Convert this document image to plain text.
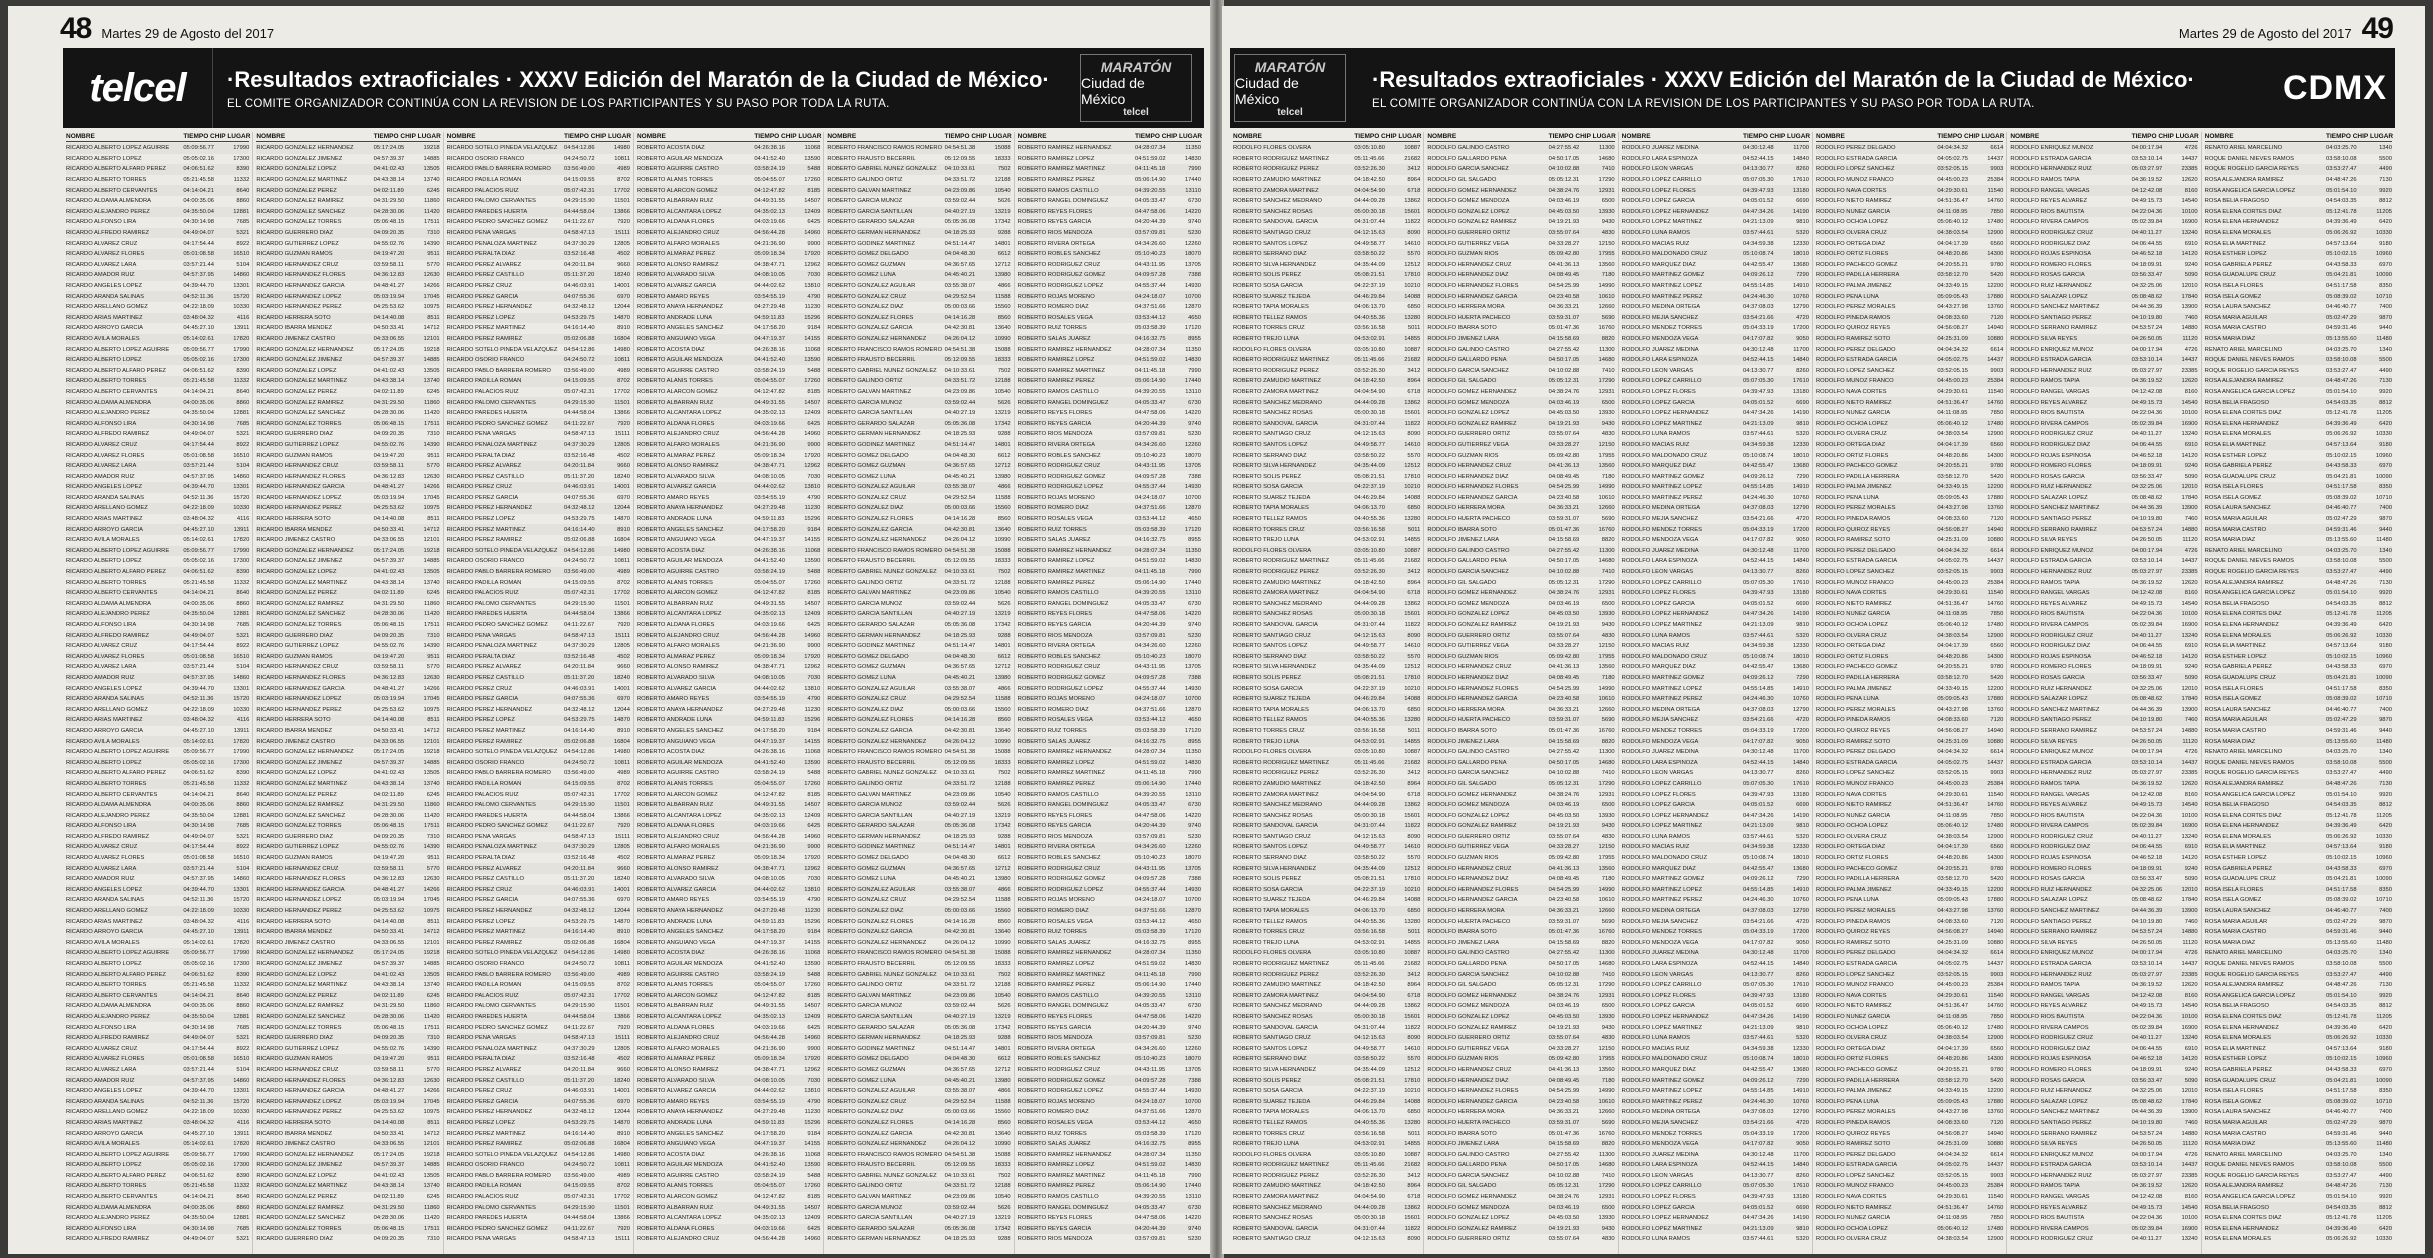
48 Martes 29 de Agosto del 2017
telcel ·Resultados extraoficiales · XXXV Edición del Maratón de la Ciudad de México·
EL COMITE ORGANIZADOR CONTINÚA CON LA REVISION DE LOS PARTICIPANTES Y SU PASO POR TODA LA RUTA.
MARATÓN
Ciudad de México
telcel
NOMBRE	TIEMPO CHIP LUGAR
RICARDO ALBERTO LOPEZ AGUIRRE	05:09:56.77	17990
RICARDO ALBERTO LOPEZ	05:05:02.16	17300
RICARDO ALBERTO ALFARO PEREZ	04:06:51.62	8390
RICARDO ALBERTO TORRES	05:21:45.58	11332
RICARDO ALBERTO CERVANTES	04:14:04.21	8640
RICARDO ALDAMA ALMENDRA	04:00:35.06	8860
RICARDO ALEJANDRO PEREZ	04:35:50.04	12881
RICARDO ALFONSO LIRA	04:30:14.98	7685
RICARDO ALFREDO RAMIREZ	04:49:04.07	5321
RICARDO ALVAREZ CRUZ	04:17:54.44	8922
RICARDO ALVAREZ FLORES	05:01:08.58	16510
RICARDO ALVAREZ LARA	03:57:21.44	5104
RICARDO AMADOR RUIZ	04:57:37.95	14860
RICARDO ANGELES LOPEZ	04:39:44.70	13301
RICARDO ARANDA SALINAS	04:52:11.36	15720
RICARDO ARELLANO GOMEZ	04:22:18.09	10330
RICARDO ARIAS MARTINEZ	03:48:04.32	4116
RICARDO ARROYO GARCIA	04:45:27.10	13911
RICARDO AVILA MORALES	05:14:02.61	17820
RICARDO ALBERTO LOPEZ AGUIRRE	05:09:56.77	17990
RICARDO ALBERTO LOPEZ	05:05:02.16	17300
RICARDO ALBERTO ALFARO PEREZ	04:06:51.62	8390
RICARDO ALBERTO TORRES	05:21:45.58	11332
RICARDO ALBERTO CERVANTES	04:14:04.21	8640
RICARDO ALDAMA ALMENDRA	04:00:35.06	8860
RICARDO ALEJANDRO PEREZ	04:35:50.04	12881
RICARDO ALFONSO LIRA	04:30:14.98	7685
RICARDO ALFREDO RAMIREZ	04:49:04.07	5321
RICARDO ALVAREZ CRUZ	04:17:54.44	8922
RICARDO ALVAREZ FLORES	05:01:08.58	16510
RICARDO ALVAREZ LARA	03:57:21.44	5104
RICARDO AMADOR RUIZ	04:57:37.95	14860
RICARDO ANGELES LOPEZ	04:39:44.70	13301
RICARDO ARANDA SALINAS	04:52:11.36	15720
RICARDO ARELLANO GOMEZ	04:22:18.09	10330
RICARDO ARIAS MARTINEZ	03:48:04.32	4116
RICARDO ARROYO GARCIA	04:45:27.10	13911
RICARDO AVILA MORALES	05:14:02.61	17820
RICARDO ALBERTO LOPEZ AGUIRRE	05:09:56.77	17990
RICARDO ALBERTO LOPEZ	05:05:02.16	17300
RICARDO ALBERTO ALFARO PEREZ	04:06:51.62	8390
RICARDO ALBERTO TORRES	05:21:45.58	11332
RICARDO ALBERTO CERVANTES	04:14:04.21	8640
RICARDO ALDAMA ALMENDRA	04:00:35.06	8860
RICARDO ALEJANDRO PEREZ	04:35:50.04	12881
RICARDO ALFONSO LIRA	04:30:14.98	7685
RICARDO ALFREDO RAMIREZ	04:49:04.07	5321
RICARDO ALVAREZ CRUZ	04:17:54.44	8922
RICARDO ALVAREZ FLORES	05:01:08.58	16510
RICARDO ALVAREZ LARA	03:57:21.44	5104
RICARDO AMADOR RUIZ	04:57:37.95	14860
RICARDO ANGELES LOPEZ	04:39:44.70	13301
RICARDO ARANDA SALINAS	04:52:11.36	15720
RICARDO ARELLANO GOMEZ	04:22:18.09	10330
RICARDO ARIAS MARTINEZ	03:48:04.32	4116
RICARDO ARROYO GARCIA	04:45:27.10	13911
RICARDO AVILA MORALES	05:14:02.61	17820
RICARDO ALBERTO LOPEZ AGUIRRE	05:09:56.77	17990
RICARDO ALBERTO LOPEZ	05:05:02.16	17300
RICARDO ALBERTO ALFARO PEREZ	04:06:51.62	8390
RICARDO ALBERTO TORRES	05:21:45.58	11332
RICARDO ALBERTO CERVANTES	04:14:04.21	8640
RICARDO ALDAMA ALMENDRA	04:00:35.06	8860
RICARDO ALEJANDRO PEREZ	04:35:50.04	12881
RICARDO ALFONSO LIRA	04:30:14.98	7685
RICARDO ALFREDO RAMIREZ	04:49:04.07	5321
RICARDO ALVAREZ CRUZ	04:17:54.44	8922
RICARDO ALVAREZ FLORES	05:01:08.58	16510
RICARDO ALVAREZ LARA	03:57:21.44	5104
RICARDO AMADOR RUIZ	04:57:37.95	14860
RICARDO ANGELES LOPEZ	04:39:44.70	13301
RICARDO ARANDA SALINAS	04:52:11.36	15720
RICARDO ARELLANO GOMEZ	04:22:18.09	10330
RICARDO ARIAS MARTINEZ	03:48:04.32	4116
RICARDO ARROYO GARCIA	04:45:27.10	13911
RICARDO AVILA MORALES	05:14:02.61	17820
RICARDO ALBERTO LOPEZ AGUIRRE	05:09:56.77	17990
RICARDO ALBERTO LOPEZ	05:05:02.16	17300
RICARDO ALBERTO ALFARO PEREZ	04:06:51.62	8390
RICARDO ALBERTO TORRES	05:21:45.58	11332
RICARDO ALBERTO CERVANTES	04:14:04.21	8640
RICARDO ALDAMA ALMENDRA	04:00:35.06	8860
RICARDO ALEJANDRO PEREZ	04:35:50.04	12881
RICARDO ALFONSO LIRA	04:30:14.98	7685
RICARDO ALFREDO RAMIREZ	04:49:04.07	5321
RICARDO ALVAREZ CRUZ	04:17:54.44	8922
RICARDO ALVAREZ FLORES	05:01:08.58	16510
RICARDO ALVAREZ LARA	03:57:21.44	5104
RICARDO AMADOR RUIZ	04:57:37.95	14860
RICARDO ANGELES LOPEZ	04:39:44.70	13301
RICARDO ARANDA SALINAS	04:52:11.36	15720
RICARDO ARELLANO GOMEZ	04:22:18.09	10330
RICARDO ARIAS MARTINEZ	03:48:04.32	4116
RICARDO ARROYO GARCIA	04:45:27.10	13911
RICARDO AVILA MORALES	05:14:02.61	17820
RICARDO ALBERTO LOPEZ AGUIRRE	05:09:56.77	17990
RICARDO ALBERTO LOPEZ	05:05:02.16	17300
RICARDO ALBERTO ALFARO PEREZ	04:06:51.62	8390
RICARDO ALBERTO TORRES	05:21:45.58	11332
RICARDO ALBERTO CERVANTES	04:14:04.21	8640
RICARDO ALDAMA ALMENDRA	04:00:35.06	8860
RICARDO ALEJANDRO PEREZ	04:35:50.04	12881
RICARDO ALFONSO LIRA	04:30:14.98	7685
RICARDO ALFREDO RAMIREZ	04:49:04.07	5321
NOMBRE	TIEMPO CHIP LUGAR
RICARDO GONZALEZ HERNANDEZ	05:17:24.05	19218
RICARDO GONZALEZ JIMENEZ	04:57:39.37	14885
RICARDO GONZALEZ LOPEZ	04:41:02.43	13505
RICARDO GONZALEZ MARTINEZ	04:43:38.14	13740
RICARDO GONZALEZ PEREZ	04:02:11.89	6245
RICARDO GONZALEZ RAMIREZ	04:31:29.50	11860
RICARDO GONZALEZ SANCHEZ	04:28:30.06	11420
RICARDO GONZALEZ TORRES	05:06:48.15	17511
RICARDO GUERRERO DIAZ	04:09:20.35	7310
RICARDO GUTIERREZ LOPEZ	04:55:02.76	14390
RICARDO GUZMAN RAMOS	04:19:47.20	9511
RICARDO HERNANDEZ CRUZ	03:59:58.11	5770
RICARDO HERNANDEZ FLORES	04:36:12.83	12630
RICARDO HERNANDEZ GARCIA	04:48:41.27	14266
RICARDO HERNANDEZ LOPEZ	05:03:19.94	17045
RICARDO HERNANDEZ PEREZ	04:25:53.62	10975
RICARDO HERRERA SOTO	04:14:40.08	8511
RICARDO IBARRA MENDEZ	04:50:33.41	14712
RICARDO JIMENEZ CASTRO	04:33:06.55	12101
RICARDO GONZALEZ HERNANDEZ	05:17:24.05	19218
RICARDO GONZALEZ JIMENEZ	04:57:39.37	14885
RICARDO GONZALEZ LOPEZ	04:41:02.43	13505
RICARDO GONZALEZ MARTINEZ	04:43:38.14	13740
RICARDO GONZALEZ PEREZ	04:02:11.89	6245
RICARDO GONZALEZ RAMIREZ	04:31:29.50	11860
RICARDO GONZALEZ SANCHEZ	04:28:30.06	11420
RICARDO GONZALEZ TORRES	05:06:48.15	17511
RICARDO GUERRERO DIAZ	04:09:20.35	7310
RICARDO GUTIERREZ LOPEZ	04:55:02.76	14390
RICARDO GUZMAN RAMOS	04:19:47.20	9511
RICARDO HERNANDEZ CRUZ	03:59:58.11	5770
RICARDO HERNANDEZ FLORES	04:36:12.83	12630
RICARDO HERNANDEZ GARCIA	04:48:41.27	14266
RICARDO HERNANDEZ LOPEZ	05:03:19.94	17045
RICARDO HERNANDEZ PEREZ	04:25:53.62	10975
RICARDO HERRERA SOTO	04:14:40.08	8511
RICARDO IBARRA MENDEZ	04:50:33.41	14712
RICARDO JIMENEZ CASTRO	04:33:06.55	12101
RICARDO GONZALEZ HERNANDEZ	05:17:24.05	19218
RICARDO GONZALEZ JIMENEZ	04:57:39.37	14885
RICARDO GONZALEZ LOPEZ	04:41:02.43	13505
RICARDO GONZALEZ MARTINEZ	04:43:38.14	13740
RICARDO GONZALEZ PEREZ	04:02:11.89	6245
RICARDO GONZALEZ RAMIREZ	04:31:29.50	11860
RICARDO GONZALEZ SANCHEZ	04:28:30.06	11420
RICARDO GONZALEZ TORRES	05:06:48.15	17511
RICARDO GUERRERO DIAZ	04:09:20.35	7310
RICARDO GUTIERREZ LOPEZ	04:55:02.76	14390
RICARDO GUZMAN RAMOS	04:19:47.20	9511
RICARDO HERNANDEZ CRUZ	03:59:58.11	5770
RICARDO HERNANDEZ FLORES	04:36:12.83	12630
RICARDO HERNANDEZ GARCIA	04:48:41.27	14266
RICARDO HERNANDEZ LOPEZ	05:03:19.94	17045
RICARDO HERNANDEZ PEREZ	04:25:53.62	10975
RICARDO HERRERA SOTO	04:14:40.08	8511
RICARDO IBARRA MENDEZ	04:50:33.41	14712
RICARDO JIMENEZ CASTRO	04:33:06.55	12101
RICARDO GONZALEZ HERNANDEZ	05:17:24.05	19218
RICARDO GONZALEZ JIMENEZ	04:57:39.37	14885
RICARDO GONZALEZ LOPEZ	04:41:02.43	13505
RICARDO GONZALEZ MARTINEZ	04:43:38.14	13740
RICARDO GONZALEZ PEREZ	04:02:11.89	6245
RICARDO GONZALEZ RAMIREZ	04:31:29.50	11860
RICARDO GONZALEZ SANCHEZ	04:28:30.06	11420
RICARDO GONZALEZ TORRES	05:06:48.15	17511
RICARDO GUERRERO DIAZ	04:09:20.35	7310
RICARDO GUTIERREZ LOPEZ	04:55:02.76	14390
RICARDO GUZMAN RAMOS	04:19:47.20	9511
RICARDO HERNANDEZ CRUZ	03:59:58.11	5770
RICARDO HERNANDEZ FLORES	04:36:12.83	12630
RICARDO HERNANDEZ GARCIA	04:48:41.27	14266
RICARDO HERNANDEZ LOPEZ	05:03:19.94	17045
RICARDO HERNANDEZ PEREZ	04:25:53.62	10975
RICARDO HERRERA SOTO	04:14:40.08	8511
RICARDO IBARRA MENDEZ	04:50:33.41	14712
RICARDO JIMENEZ CASTRO	04:33:06.55	12101
RICARDO GONZALEZ HERNANDEZ	05:17:24.05	19218
RICARDO GONZALEZ JIMENEZ	04:57:39.37	14885
RICARDO GONZALEZ LOPEZ	04:41:02.43	13505
RICARDO GONZALEZ MARTINEZ	04:43:38.14	13740
RICARDO GONZALEZ PEREZ	04:02:11.89	6245
RICARDO GONZALEZ RAMIREZ	04:31:29.50	11860
RICARDO GONZALEZ SANCHEZ	04:28:30.06	11420
RICARDO GONZALEZ TORRES	05:06:48.15	17511
RICARDO GUERRERO DIAZ	04:09:20.35	7310
RICARDO GUTIERREZ LOPEZ	04:55:02.76	14390
RICARDO GUZMAN RAMOS	04:19:47.20	9511
RICARDO HERNANDEZ CRUZ	03:59:58.11	5770
RICARDO HERNANDEZ FLORES	04:36:12.83	12630
RICARDO HERNANDEZ GARCIA	04:48:41.27	14266
RICARDO HERNANDEZ LOPEZ	05:03:19.94	17045
RICARDO HERNANDEZ PEREZ	04:25:53.62	10975
RICARDO HERRERA SOTO	04:14:40.08	8511
RICARDO IBARRA MENDEZ	04:50:33.41	14712
RICARDO JIMENEZ CASTRO	04:33:06.55	12101
RICARDO GONZALEZ HERNANDEZ	05:17:24.05	19218
RICARDO GONZALEZ JIMENEZ	04:57:39.37	14885
RICARDO GONZALEZ LOPEZ	04:41:02.43	13505
RICARDO GONZALEZ MARTINEZ	04:43:38.14	13740
RICARDO GONZALEZ PEREZ	04:02:11.89	6245
RICARDO GONZALEZ RAMIREZ	04:31:29.50	11860
RICARDO GONZALEZ SANCHEZ	04:28:30.06	11420
RICARDO GONZALEZ TORRES	05:06:48.15	17511
RICARDO GUERRERO DIAZ	04:09:20.35	7310
NOMBRE	TIEMPO CHIP LUGAR
RICARDO SOTELO PINEDA VELAZQUEZ	04:54:12.86	14980
RICARDO OSORIO FRANCO	04:24:50.72	10811
RICARDO PABLO BARRERA ROMERO	03:56:49.00	4989
RICARDO PADILLA ROMAN	04:15:09.55	8702
RICARDO PALACIOS RUIZ	05:07:42.31	17702
RICARDO PALOMO CERVANTES	04:29:15.90	11501
RICARDO PAREDES HUERTA	04:44:58.04	13866
RICARDO PEDRO SANCHEZ GOMEZ	04:11:22.67	7920
RICARDO PEÑA VARGAS	04:58:47.13	15111
RICARDO PEÑALOZA MARTINEZ	04:37:30.29	12805
RICARDO PERALTA DIAZ	03:52:16.48	4502
RICARDO PEREZ ALVAREZ	04:20:11.84	9660
RICARDO PEREZ CASTILLO	05:11:37.20	18240
RICARDO PEREZ CRUZ	04:46:03.91	14001
RICARDO PEREZ GARCIA	04:07:55.36	6970
RICARDO PEREZ HERNANDEZ	04:32:48.12	12044
RICARDO PEREZ LOPEZ	04:53:29.75	14870
RICARDO PEREZ MARTINEZ	04:16:14.40	8910
RICARDO PEREZ RAMIREZ	05:02:06.88	16804
RICARDO SOTELO PINEDA VELAZQUEZ	04:54:12.86	14980
RICARDO OSORIO FRANCO	04:24:50.72	10811
RICARDO PABLO BARRERA ROMERO	03:56:49.00	4989
RICARDO PADILLA ROMAN	04:15:09.55	8702
RICARDO PALACIOS RUIZ	05:07:42.31	17702
RICARDO PALOMO CERVANTES	04:29:15.90	11501
RICARDO PAREDES HUERTA	04:44:58.04	13866
RICARDO PEDRO SANCHEZ GOMEZ	04:11:22.67	7920
RICARDO PEÑA VARGAS	04:58:47.13	15111
RICARDO PEÑALOZA MARTINEZ	04:37:30.29	12805
RICARDO PERALTA DIAZ	03:52:16.48	4502
RICARDO PEREZ ALVAREZ	04:20:11.84	9660
RICARDO PEREZ CASTILLO	05:11:37.20	18240
RICARDO PEREZ CRUZ	04:46:03.91	14001
RICARDO PEREZ GARCIA	04:07:55.36	6970
RICARDO PEREZ HERNANDEZ	04:32:48.12	12044
RICARDO PEREZ LOPEZ	04:53:29.75	14870
RICARDO PEREZ MARTINEZ	04:16:14.40	8910
RICARDO PEREZ RAMIREZ	05:02:06.88	16804
RICARDO SOTELO PINEDA VELAZQUEZ	04:54:12.86	14980
RICARDO OSORIO FRANCO	04:24:50.72	10811
RICARDO PABLO BARRERA ROMERO	03:56:49.00	4989
RICARDO PADILLA ROMAN	04:15:09.55	8702
RICARDO PALACIOS RUIZ	05:07:42.31	17702
RICARDO PALOMO CERVANTES	04:29:15.90	11501
RICARDO PAREDES HUERTA	04:44:58.04	13866
RICARDO PEDRO SANCHEZ GOMEZ	04:11:22.67	7920
RICARDO PEÑA VARGAS	04:58:47.13	15111
RICARDO PEÑALOZA MARTINEZ	04:37:30.29	12805
RICARDO PERALTA DIAZ	03:52:16.48	4502
RICARDO PEREZ ALVAREZ	04:20:11.84	9660
RICARDO PEREZ CASTILLO	05:11:37.20	18240
RICARDO PEREZ CRUZ	04:46:03.91	14001
RICARDO PEREZ GARCIA	04:07:55.36	6970
RICARDO PEREZ HERNANDEZ	04:32:48.12	12044
RICARDO PEREZ LOPEZ	04:53:29.75	14870
RICARDO PEREZ MARTINEZ	04:16:14.40	8910
RICARDO PEREZ RAMIREZ	05:02:06.88	16804
RICARDO SOTELO PINEDA VELAZQUEZ	04:54:12.86	14980
RICARDO OSORIO FRANCO	04:24:50.72	10811
RICARDO PABLO BARRERA ROMERO	03:56:49.00	4989
RICARDO PADILLA ROMAN	04:15:09.55	8702
RICARDO PALACIOS RUIZ	05:07:42.31	17702
RICARDO PALOMO CERVANTES	04:29:15.90	11501
RICARDO PAREDES HUERTA	04:44:58.04	13866
RICARDO PEDRO SANCHEZ GOMEZ	04:11:22.67	7920
RICARDO PEÑA VARGAS	04:58:47.13	15111
RICARDO PEÑALOZA MARTINEZ	04:37:30.29	12805
RICARDO PERALTA DIAZ	03:52:16.48	4502
RICARDO PEREZ ALVAREZ	04:20:11.84	9660
RICARDO PEREZ CASTILLO	05:11:37.20	18240
RICARDO PEREZ CRUZ	04:46:03.91	14001
RICARDO PEREZ GARCIA	04:07:55.36	6970
RICARDO PEREZ HERNANDEZ	04:32:48.12	12044
RICARDO PEREZ LOPEZ	04:53:29.75	14870
RICARDO PEREZ MARTINEZ	04:16:14.40	8910
RICARDO PEREZ RAMIREZ	05:02:06.88	16804
RICARDO SOTELO PINEDA VELAZQUEZ	04:54:12.86	14980
RICARDO OSORIO FRANCO	04:24:50.72	10811
RICARDO PABLO BARRERA ROMERO	03:56:49.00	4989
RICARDO PADILLA ROMAN	04:15:09.55	8702
RICARDO PALACIOS RUIZ	05:07:42.31	17702
RICARDO PALOMO CERVANTES	04:29:15.90	11501
RICARDO PAREDES HUERTA	04:44:58.04	13866
RICARDO PEDRO SANCHEZ GOMEZ	04:11:22.67	7920
RICARDO PEÑA VARGAS	04:58:47.13	15111
RICARDO PEÑALOZA MARTINEZ	04:37:30.29	12805
RICARDO PERALTA DIAZ	03:52:16.48	4502
RICARDO PEREZ ALVAREZ	04:20:11.84	9660
RICARDO PEREZ CASTILLO	05:11:37.20	18240
RICARDO PEREZ CRUZ	04:46:03.91	14001
RICARDO PEREZ GARCIA	04:07:55.36	6970
RICARDO PEREZ HERNANDEZ	04:32:48.12	12044
RICARDO PEREZ LOPEZ	04:53:29.75	14870
RICARDO PEREZ MARTINEZ	04:16:14.40	8910
RICARDO PEREZ RAMIREZ	05:02:06.88	16804
RICARDO SOTELO PINEDA VELAZQUEZ	04:54:12.86	14980
RICARDO OSORIO FRANCO	04:24:50.72	10811
RICARDO PABLO BARRERA ROMERO	03:56:49.00	4989
RICARDO PADILLA ROMAN	04:15:09.55	8702
RICARDO PALACIOS RUIZ	05:07:42.31	17702
RICARDO PALOMO CERVANTES	04:29:15.90	11501
RICARDO PAREDES HUERTA	04:44:58.04	13866
RICARDO PEDRO SANCHEZ GOMEZ	04:11:22.67	7920
RICARDO PEÑA VARGAS	04:58:47.13	15111
NOMBRE	TIEMPO CHIP LUGAR
ROBERTO ACOSTA DIAZ	04:26:38.16	11068
ROBERTO AGUILAR MENDOZA	04:41:52.40	13590
ROBERTO AGUIRRE CASTRO	03:58:24.19	5488
ROBERTO ALANIS TORRES	05:04:55.07	17260
ROBERTO ALARCON GOMEZ	04:12:47.82	8185
ROBERTO ALBARRAN RUIZ	04:49:31.55	14507
ROBERTO ALCANTARA LOPEZ	04:35:02.13	12409
ROBERTO ALDANA FLORES	04:03:19.66	6425
ROBERTO ALEJANDRO CRUZ	04:56:44.28	14960
ROBERTO ALFARO MORALES	04:21:36.90	9900
ROBERTO ALMARAZ PEREZ	05:09:18.34	17920
ROBERTO ALONSO RAMIREZ	04:38:47.71	12962
ROBERTO ALVARADO SILVA	04:08:10.05	7030
ROBERTO ALVAREZ GARCIA	04:44:02.62	13810
ROBERTO AMARO REYES	03:54:55.19	4790
ROBERTO ANAYA HERNANDEZ	04:27:29.48	11230
ROBERTO ANDRADE LUNA	04:59:11.83	15296
ROBERTO ANGELES SANCHEZ	04:17:58.20	9184
ROBERTO ANGUIANO VEGA	04:47:19.37	14155
ROBERTO ACOSTA DIAZ	04:26:38.16	11068
ROBERTO AGUILAR MENDOZA	04:41:52.40	13590
ROBERTO AGUIRRE CASTRO	03:58:24.19	5488
ROBERTO ALANIS TORRES	05:04:55.07	17260
ROBERTO ALARCON GOMEZ	04:12:47.82	8185
ROBERTO ALBARRAN RUIZ	04:49:31.55	14507
ROBERTO ALCANTARA LOPEZ	04:35:02.13	12409
ROBERTO ALDANA FLORES	04:03:19.66	6425
ROBERTO ALEJANDRO CRUZ	04:56:44.28	14960
ROBERTO ALFARO MORALES	04:21:36.90	9900
ROBERTO ALMARAZ PEREZ	05:09:18.34	17920
ROBERTO ALONSO RAMIREZ	04:38:47.71	12962
ROBERTO ALVARADO SILVA	04:08:10.05	7030
ROBERTO ALVAREZ GARCIA	04:44:02.62	13810
ROBERTO AMARO REYES	03:54:55.19	4790
ROBERTO ANAYA HERNANDEZ	04:27:29.48	11230
ROBERTO ANDRADE LUNA	04:59:11.83	15296
ROBERTO ANGELES SANCHEZ	04:17:58.20	9184
ROBERTO ANGUIANO VEGA	04:47:19.37	14155
ROBERTO ACOSTA DIAZ	04:26:38.16	11068
ROBERTO AGUILAR MENDOZA	04:41:52.40	13590
ROBERTO AGUIRRE CASTRO	03:58:24.19	5488
ROBERTO ALANIS TORRES	05:04:55.07	17260
ROBERTO ALARCON GOMEZ	04:12:47.82	8185
ROBERTO ALBARRAN RUIZ	04:49:31.55	14507
ROBERTO ALCANTARA LOPEZ	04:35:02.13	12409
ROBERTO ALDANA FLORES	04:03:19.66	6425
ROBERTO ALEJANDRO CRUZ	04:56:44.28	14960
ROBERTO ALFARO MORALES	04:21:36.90	9900
ROBERTO ALMARAZ PEREZ	05:09:18.34	17920
ROBERTO ALONSO RAMIREZ	04:38:47.71	12962
ROBERTO ALVARADO SILVA	04:08:10.05	7030
ROBERTO ALVAREZ GARCIA	04:44:02.62	13810
ROBERTO AMARO REYES	03:54:55.19	4790
ROBERTO ANAYA HERNANDEZ	04:27:29.48	11230
ROBERTO ANDRADE LUNA	04:59:11.83	15296
ROBERTO ANGELES SANCHEZ	04:17:58.20	9184
ROBERTO ANGUIANO VEGA	04:47:19.37	14155
ROBERTO ACOSTA DIAZ	04:26:38.16	11068
ROBERTO AGUILAR MENDOZA	04:41:52.40	13590
ROBERTO AGUIRRE CASTRO	03:58:24.19	5488
ROBERTO ALANIS TORRES	05:04:55.07	17260
ROBERTO ALARCON GOMEZ	04:12:47.82	8185
ROBERTO ALBARRAN RUIZ	04:49:31.55	14507
ROBERTO ALCANTARA LOPEZ	04:35:02.13	12409
ROBERTO ALDANA FLORES	04:03:19.66	6425
ROBERTO ALEJANDRO CRUZ	04:56:44.28	14960
ROBERTO ALFARO MORALES	04:21:36.90	9900
ROBERTO ALMARAZ PEREZ	05:09:18.34	17920
ROBERTO ALONSO RAMIREZ	04:38:47.71	12962
ROBERTO ALVARADO SILVA	04:08:10.05	7030
ROBERTO ALVAREZ GARCIA	04:44:02.62	13810
ROBERTO AMARO REYES	03:54:55.19	4790
ROBERTO ANAYA HERNANDEZ	04:27:29.48	11230
ROBERTO ANDRADE LUNA	04:59:11.83	15296
ROBERTO ANGELES SANCHEZ	04:17:58.20	9184
ROBERTO ANGUIANO VEGA	04:47:19.37	14155
ROBERTO ACOSTA DIAZ	04:26:38.16	11068
ROBERTO AGUILAR MENDOZA	04:41:52.40	13590
ROBERTO AGUIRRE CASTRO	03:58:24.19	5488
ROBERTO ALANIS TORRES	05:04:55.07	17260
ROBERTO ALARCON GOMEZ	04:12:47.82	8185
ROBERTO ALBARRAN RUIZ	04:49:31.55	14507
ROBERTO ALCANTARA LOPEZ	04:35:02.13	12409
ROBERTO ALDANA FLORES	04:03:19.66	6425
ROBERTO ALEJANDRO CRUZ	04:56:44.28	14960
ROBERTO ALFARO MORALES	04:21:36.90	9900
ROBERTO ALMARAZ PEREZ	05:09:18.34	17920
ROBERTO ALONSO RAMIREZ	04:38:47.71	12962
ROBERTO ALVARADO SILVA	04:08:10.05	7030
ROBERTO ALVAREZ GARCIA	04:44:02.62	13810
ROBERTO AMARO REYES	03:54:55.19	4790
ROBERTO ANAYA HERNANDEZ	04:27:29.48	11230
ROBERTO ANDRADE LUNA	04:59:11.83	15296
ROBERTO ANGELES SANCHEZ	04:17:58.20	9184
ROBERTO ANGUIANO VEGA	04:47:19.37	14155
ROBERTO ACOSTA DIAZ	04:26:38.16	11068
ROBERTO AGUILAR MENDOZA	04:41:52.40	13590
ROBERTO AGUIRRE CASTRO	03:58:24.19	5488
ROBERTO ALANIS TORRES	05:04:55.07	17260
ROBERTO ALARCON GOMEZ	04:12:47.82	8185
ROBERTO ALBARRAN RUIZ	04:49:31.55	14507
ROBERTO ALCANTARA LOPEZ	04:35:02.13	12409
ROBERTO ALDANA FLORES	04:03:19.66	6425
ROBERTO ALEJANDRO CRUZ	04:56:44.28	14960
NOMBRE	TIEMPO CHIP LUGAR
ROBERTO FRANCISCO RAMOS ROMERO 04:54:51.38	15088
ROBERTO FRAUSTO BECERRIL	05:12:09.55	18333
ROBERTO GABRIEL NUÑEZ GONZALEZ	04:10:33.61	7502
ROBERTO GALINDO ORTIZ	04:33:51.72	12188
ROBERTO GALVAN MARTINEZ	04:23:09.86	10540
ROBERTO GARCIA MUÑOZ	03:59:02.44	5626
ROBERTO GARCIA SANTILLAN	04:40:27.19	13219
ROBERTO GERARDO SALAZAR	05:05:36.08	17342
ROBERTO GERMAN HERNANDEZ	04:18:25.93	9288
ROBERTO GODINEZ MARTINEZ	04:51:14.47	14801
ROBERTO GOMEZ DELGADO	04:04:48.30	6612
ROBERTO GOMEZ GUZMAN	04:36:57.65	12712
ROBERTO GOMEZ LUNA	04:45:40.21	13980
ROBERTO GONZALEZ AGUILAR	03:55:38.07	4866
ROBERTO GONZALEZ CRUZ	04:29:52.54	11588
ROBERTO GONZALEZ DIAZ	05:00:03.66	15560
ROBERTO GONZALEZ FLORES	04:14:16.28	8560
ROBERTO GONZALEZ GARCIA	04:42:30.81	13640
ROBERTO GONZALEZ HERNANDEZ	04:26:04.12	10990
ROBERTO FRANCISCO RAMOS ROMERO 04:54:51.38	15088
ROBERTO FRAUSTO BECERRIL	05:12:09.55	18333
ROBERTO GABRIEL NUÑEZ GONZALEZ	04:10:33.61	7502
ROBERTO GALINDO ORTIZ	04:33:51.72	12188
ROBERTO GALVAN MARTINEZ	04:23:09.86	10540
ROBERTO GARCIA MUÑOZ	03:59:02.44	5626
ROBERTO GARCIA SANTILLAN	04:40:27.19	13219
ROBERTO GERARDO SALAZAR	05:05:36.08	17342
ROBERTO GERMAN HERNANDEZ	04:18:25.93	9288
ROBERTO GODINEZ MARTINEZ	04:51:14.47	14801
ROBERTO GOMEZ DELGADO	04:04:48.30	6612
ROBERTO GOMEZ GUZMAN	04:36:57.65	12712
ROBERTO GOMEZ LUNA	04:45:40.21	13980
ROBERTO GONZALEZ AGUILAR	03:55:38.07	4866
ROBERTO GONZALEZ CRUZ	04:29:52.54	11588
ROBERTO GONZALEZ DIAZ	05:00:03.66	15560
ROBERTO GONZALEZ FLORES	04:14:16.28	8560
ROBERTO GONZALEZ GARCIA	04:42:30.81	13640
ROBERTO GONZALEZ HERNANDEZ	04:26:04.12	10990
ROBERTO FRANCISCO RAMOS ROMERO 04:54:51.38	15088
ROBERTO FRAUSTO BECERRIL	05:12:09.55	18333
ROBERTO GABRIEL NUÑEZ GONZALEZ	04:10:33.61	7502
ROBERTO GALINDO ORTIZ	04:33:51.72	12188
ROBERTO GALVAN MARTINEZ	04:23:09.86	10540
ROBERTO GARCIA MUÑOZ	03:59:02.44	5626
ROBERTO GARCIA SANTILLAN	04:40:27.19	13219
ROBERTO GERARDO SALAZAR	05:05:36.08	17342
ROBERTO GERMAN HERNANDEZ	04:18:25.93	9288
ROBERTO GODINEZ MARTINEZ	04:51:14.47	14801
ROBERTO GOMEZ DELGADO	04:04:48.30	6612
ROBERTO GOMEZ GUZMAN	04:36:57.65	12712
ROBERTO GOMEZ LUNA	04:45:40.21	13980
ROBERTO GONZALEZ AGUILAR	03:55:38.07	4866
ROBERTO GONZALEZ CRUZ	04:29:52.54	11588
ROBERTO GONZALEZ DIAZ	05:00:03.66	15560
ROBERTO GONZALEZ FLORES	04:14:16.28	8560
ROBERTO GONZALEZ GARCIA	04:42:30.81	13640
ROBERTO GONZALEZ HERNANDEZ	04:26:04.12	10990
ROBERTO FRANCISCO RAMOS ROMERO 04:54:51.38	15088
ROBERTO FRAUSTO BECERRIL	05:12:09.55	18333
ROBERTO GABRIEL NUÑEZ GONZALEZ	04:10:33.61	7502
ROBERTO GALINDO ORTIZ	04:33:51.72	12188
ROBERTO GALVAN MARTINEZ	04:23:09.86	10540
ROBERTO GARCIA MUÑOZ	03:59:02.44	5626
ROBERTO GARCIA SANTILLAN	04:40:27.19	13219
ROBERTO GERARDO SALAZAR	05:05:36.08	17342
ROBERTO GERMAN HERNANDEZ	04:18:25.93	9288
ROBERTO GODINEZ MARTINEZ	04:51:14.47	14801
ROBERTO GOMEZ DELGADO	04:04:48.30	6612
ROBERTO GOMEZ GUZMAN	04:36:57.65	12712
ROBERTO GOMEZ LUNA	04:45:40.21	13980
ROBERTO GONZALEZ AGUILAR	03:55:38.07	4866
ROBERTO GONZALEZ CRUZ	04:29:52.54	11588
ROBERTO GONZALEZ DIAZ	05:00:03.66	15560
ROBERTO GONZALEZ FLORES	04:14:16.28	8560
ROBERTO GONZALEZ GARCIA	04:42:30.81	13640
ROBERTO GONZALEZ HERNANDEZ	04:26:04.12	10990
ROBERTO FRANCISCO RAMOS ROMERO 04:54:51.38	15088
ROBERTO FRAUSTO BECERRIL	05:12:09.55	18333
ROBERTO GABRIEL NUÑEZ GONZALEZ	04:10:33.61	7502
ROBERTO GALINDO ORTIZ	04:33:51.72	12188
ROBERTO GALVAN MARTINEZ	04:23:09.86	10540
ROBERTO GARCIA MUÑOZ	03:59:02.44	5626
ROBERTO GARCIA SANTILLAN	04:40:27.19	13219
ROBERTO GERARDO SALAZAR	05:05:36.08	17342
ROBERTO GERMAN HERNANDEZ	04:18:25.93	9288
ROBERTO GODINEZ MARTINEZ	04:51:14.47	14801
ROBERTO GOMEZ DELGADO	04:04:48.30	6612
ROBERTO GOMEZ GUZMAN	04:36:57.65	12712
ROBERTO GOMEZ LUNA	04:45:40.21	13980
ROBERTO GONZALEZ AGUILAR	03:55:38.07	4866
ROBERTO GONZALEZ CRUZ	04:29:52.54	11588
ROBERTO GONZALEZ DIAZ	05:00:03.66	15560
ROBERTO GONZALEZ FLORES	04:14:16.28	8560
ROBERTO GONZALEZ GARCIA	04:42:30.81	13640
ROBERTO GONZALEZ HERNANDEZ	04:26:04.12	10990
ROBERTO FRANCISCO RAMOS ROMERO 04:54:51.38	15088
ROBERTO FRAUSTO BECERRIL	05:12:09.55	18333
ROBERTO GABRIEL NUÑEZ GONZALEZ	04:10:33.61	7502
ROBERTO GALINDO ORTIZ	04:33:51.72	12188
ROBERTO GALVAN MARTINEZ	04:23:09.86	10540
ROBERTO GARCIA MUÑOZ	03:59:02.44	5626
ROBERTO GARCIA SANTILLAN	04:40:27.19	13219
ROBERTO GERARDO SALAZAR	05:05:36.08	17342
ROBERTO GERMAN HERNANDEZ	04:18:25.93	9288
NOMBRE	TIEMPO CHIP LUGAR
ROBERTO RAMIREZ HERNANDEZ	04:28:07.34	11350
ROBERTO RAMIREZ LOPEZ	04:51:59.02	14830
ROBERTO RAMIREZ MARTINEZ	04:11:45.18	7990
ROBERTO RAMIREZ PEREZ	05:06:14.90	17440
ROBERTO RAMOS CASTILLO	04:39:20.55	13110
ROBERTO RANGEL DOMINGUEZ	04:05:33.47	6730
ROBERTO REYES FLORES	04:47:58.06	14220
ROBERTO REYES GARCIA	04:20:44.39	9740
ROBERTO RIOS MENDOZA	03:57:09.81	5230
ROBERTO RIVERA ORTEGA	04:34:26.60	12260
ROBERTO ROBLES SANCHEZ	05:10:40.23	18070
ROBERTO RODRIGUEZ CRUZ	04:43:11.95	13705
ROBERTO RODRIGUEZ GOMEZ	04:09:57.28	7388
ROBERTO RODRIGUEZ LOPEZ	04:55:37.44	14930
ROBERTO ROJAS MORENO	04:24:18.07	10700
ROBERTO ROMERO DIAZ	04:37:51.66	12870
ROBERTO ROSALES VEGA	03:53:44.12	4650
ROBERTO RUIZ TORRES	05:03:58.39	17120
ROBERTO SALAS JUAREZ	04:16:32.75	8955
ROBERTO RAMIREZ HERNANDEZ	04:28:07.34	11350
ROBERTO RAMIREZ LOPEZ	04:51:59.02	14830
ROBERTO RAMIREZ MARTINEZ	04:11:45.18	7990
ROBERTO RAMIREZ PEREZ	05:06:14.90	17440
ROBERTO RAMOS CASTILLO	04:39:20.55	13110
ROBERTO RANGEL DOMINGUEZ	04:05:33.47	6730
ROBERTO REYES FLORES	04:47:58.06	14220
ROBERTO REYES GARCIA	04:20:44.39	9740
ROBERTO RIOS MENDOZA	03:57:09.81	5230
ROBERTO RIVERA ORTEGA	04:34:26.60	12260
ROBERTO ROBLES SANCHEZ	05:10:40.23	18070
ROBERTO RODRIGUEZ CRUZ	04:43:11.95	13705
ROBERTO RODRIGUEZ GOMEZ	04:09:57.28	7388
ROBERTO RODRIGUEZ LOPEZ	04:55:37.44	14930
ROBERTO ROJAS MORENO	04:24:18.07	10700
ROBERTO ROMERO DIAZ	04:37:51.66	12870
ROBERTO ROSALES VEGA	03:53:44.12	4650
ROBERTO RUIZ TORRES	05:03:58.39	17120
ROBERTO SALAS JUAREZ	04:16:32.75	8955
ROBERTO RAMIREZ HERNANDEZ	04:28:07.34	11350
ROBERTO RAMIREZ LOPEZ	04:51:59.02	14830
ROBERTO RAMIREZ MARTINEZ	04:11:45.18	7990
ROBERTO RAMIREZ PEREZ	05:06:14.90	17440
ROBERTO RAMOS CASTILLO	04:39:20.55	13110
ROBERTO RANGEL DOMINGUEZ	04:05:33.47	6730
ROBERTO REYES FLORES	04:47:58.06	14220
ROBERTO REYES GARCIA	04:20:44.39	9740
ROBERTO RIOS MENDOZA	03:57:09.81	5230
ROBERTO RIVERA ORTEGA	04:34:26.60	12260
ROBERTO ROBLES SANCHEZ	05:10:40.23	18070
ROBERTO RODRIGUEZ CRUZ	04:43:11.95	13705
ROBERTO RODRIGUEZ GOMEZ	04:09:57.28	7388
ROBERTO RODRIGUEZ LOPEZ	04:55:37.44	14930
ROBERTO ROJAS MORENO	04:24:18.07	10700
ROBERTO ROMERO DIAZ	04:37:51.66	12870
ROBERTO ROSALES VEGA	03:53:44.12	4650
ROBERTO RUIZ TORRES	05:03:58.39	17120
ROBERTO SALAS JUAREZ	04:16:32.75	8955
ROBERTO RAMIREZ HERNANDEZ	04:28:07.34	11350
ROBERTO RAMIREZ LOPEZ	04:51:59.02	14830
ROBERTO RAMIREZ MARTINEZ	04:11:45.18	7990
ROBERTO RAMIREZ PEREZ	05:06:14.90	17440
ROBERTO RAMOS CASTILLO	04:39:20.55	13110
ROBERTO RANGEL DOMINGUEZ	04:05:33.47	6730
ROBERTO REYES FLORES	04:47:58.06	14220
ROBERTO REYES GARCIA	04:20:44.39	9740
ROBERTO RIOS MENDOZA	03:57:09.81	5230
ROBERTO RIVERA ORTEGA	04:34:26.60	12260
ROBERTO ROBLES SANCHEZ	05:10:40.23	18070
ROBERTO RODRIGUEZ CRUZ	04:43:11.95	13705
ROBERTO RODRIGUEZ GOMEZ	04:09:57.28	7388
ROBERTO RODRIGUEZ LOPEZ	04:55:37.44	14930
ROBERTO ROJAS MORENO	04:24:18.07	10700
ROBERTO ROMERO DIAZ	04:37:51.66	12870
ROBERTO ROSALES VEGA	03:53:44.12	4650
ROBERTO RUIZ TORRES	05:03:58.39	17120
ROBERTO SALAS JUAREZ	04:16:32.75	8955
ROBERTO RAMIREZ HERNANDEZ	04:28:07.34	11350
ROBERTO RAMIREZ LOPEZ	04:51:59.02	14830
ROBERTO RAMIREZ MARTINEZ	04:11:45.18	7990
ROBERTO RAMIREZ PEREZ	05:06:14.90	17440
ROBERTO RAMOS CASTILLO	04:39:20.55	13110
ROBERTO RANGEL DOMINGUEZ	04:05:33.47	6730
ROBERTO REYES FLORES	04:47:58.06	14220
ROBERTO REYES GARCIA	04:20:44.39	9740
ROBERTO RIOS MENDOZA	03:57:09.81	5230
ROBERTO RIVERA ORTEGA	04:34:26.60	12260
ROBERTO ROBLES SANCHEZ	05:10:40.23	18070
ROBERTO RODRIGUEZ CRUZ	04:43:11.95	13705
ROBERTO RODRIGUEZ GOMEZ	04:09:57.28	7388
ROBERTO RODRIGUEZ LOPEZ	04:55:37.44	14930
ROBERTO ROJAS MORENO	04:24:18.07	10700
ROBERTO ROMERO DIAZ	04:37:51.66	12870
ROBERTO ROSALES VEGA	03:53:44.12	4650
ROBERTO RUIZ TORRES	05:03:58.39	17120
ROBERTO SALAS JUAREZ	04:16:32.75	8955
ROBERTO RAMIREZ HERNANDEZ	04:28:07.34	11350
ROBERTO RAMIREZ LOPEZ	04:51:59.02	14830
ROBERTO RAMIREZ MARTINEZ	04:11:45.18	7990
ROBERTO RAMIREZ PEREZ	05:06:14.90	17440
ROBERTO RAMOS CASTILLO	04:39:20.55	13110
ROBERTO RANGEL DOMINGUEZ	04:05:33.47	6730
ROBERTO REYES FLORES	04:47:58.06	14220
ROBERTO REYES GARCIA	04:20:44.39	9740
ROBERTO RIOS MENDOZA	03:57:09.81	5230
Martes 29 de Agosto del 2017 49
MARATÓN
Ciudad de México
telcel
·Resultados extraoficiales · XXXV Edición del Maratón de la Ciudad de México·
EL COMITE ORGANIZADOR CONTINÚA CON LA REVISION DE LOS PARTICIPANTES Y SU PASO POR TODA LA RUTA.	CDMX
NOMBRE	TIEMPO CHIP LUGAR
RODOLFO FLORES OLVERA	03:05:10.80	10887
ROBERTO RODRIGUEZ MARTINEZ	05:11:45.66	21682
ROBERTO RODRIGUEZ PEREZ	03:52:26.30	3412
ROBERTO ZAMUDIO MARTINEZ	04:18:42.50	8964
ROBERTO ZAMORA MARTINEZ	04:04:54.90	6718
ROBERTO SANCHEZ MEDRANO	04:44:09.28	13862
ROBERTO SANCHEZ ROSAS	05:00:30.18	15601
ROBERTO SANDOVAL GARCIA	04:31:07.44	11822
ROBERTO SANTIAGO CRUZ	04:12:15.63	8090
ROBERTO SANTOS LOPEZ	04:49:58.77	14610
ROBERTO SERRANO DIAZ	03:58:50.22	5570
ROBERTO SILVA HERNANDEZ	04:35:44.09	12512
ROBERTO SOLIS PEREZ	05:08:21.51	17810
ROBERTO SOSA GARCIA	04:22:37.19	10210
ROBERTO SUAREZ TEJEDA	04:46:29.84	14088
ROBERTO TAPIA MORALES	04:06:13.70	6850
ROBERTO TELLEZ RAMOS	04:40:55.36	13280
ROBERTO TORRES CRUZ	03:56:16.58	5011
ROBERTO TREJO LUNA	04:53:02.91	14855
RODOLFO FLORES OLVERA	03:05:10.80	10887
ROBERTO RODRIGUEZ MARTINEZ	05:11:45.66	21682
ROBERTO RODRIGUEZ PEREZ	03:52:26.30	3412
ROBERTO ZAMUDIO MARTINEZ	04:18:42.50	8964
ROBERTO ZAMORA MARTINEZ	04:04:54.90	6718
ROBERTO SANCHEZ MEDRANO	04:44:09.28	13862
ROBERTO SANCHEZ ROSAS	05:00:30.18	15601
ROBERTO SANDOVAL GARCIA	04:31:07.44	11822
ROBERTO SANTIAGO CRUZ	04:12:15.63	8090
ROBERTO SANTOS LOPEZ	04:49:58.77	14610
ROBERTO SERRANO DIAZ	03:58:50.22	5570
ROBERTO SILVA HERNANDEZ	04:35:44.09	12512
ROBERTO SOLIS PEREZ	05:08:21.51	17810
ROBERTO SOSA GARCIA	04:22:37.19	10210
ROBERTO SUAREZ TEJEDA	04:46:29.84	14088
ROBERTO TAPIA MORALES	04:06:13.70	6850
ROBERTO TELLEZ RAMOS	04:40:55.36	13280
ROBERTO TORRES CRUZ	03:56:16.58	5011
ROBERTO TREJO LUNA	04:53:02.91	14855
RODOLFO FLORES OLVERA	03:05:10.80	10887
ROBERTO RODRIGUEZ MARTINEZ	05:11:45.66	21682
ROBERTO RODRIGUEZ PEREZ	03:52:26.30	3412
ROBERTO ZAMUDIO MARTINEZ	04:18:42.50	8964
ROBERTO ZAMORA MARTINEZ	04:04:54.90	6718
ROBERTO SANCHEZ MEDRANO	04:44:09.28	13862
ROBERTO SANCHEZ ROSAS	05:00:30.18	15601
ROBERTO SANDOVAL GARCIA	04:31:07.44	11822
ROBERTO SANTIAGO CRUZ	04:12:15.63	8090
ROBERTO SANTOS LOPEZ	04:49:58.77	14610
ROBERTO SERRANO DIAZ	03:58:50.22	5570
ROBERTO SILVA HERNANDEZ	04:35:44.09	12512
ROBERTO SOLIS PEREZ	05:08:21.51	17810
ROBERTO SOSA GARCIA	04:22:37.19	10210
ROBERTO SUAREZ TEJEDA	04:46:29.84	14088
ROBERTO TAPIA MORALES	04:06:13.70	6850
ROBERTO TELLEZ RAMOS	04:40:55.36	13280
ROBERTO TORRES CRUZ	03:56:16.58	5011
ROBERTO TREJO LUNA	04:53:02.91	14855
RODOLFO FLORES OLVERA	03:05:10.80	10887
ROBERTO RODRIGUEZ MARTINEZ	05:11:45.66	21682
ROBERTO RODRIGUEZ PEREZ	03:52:26.30	3412
ROBERTO ZAMUDIO MARTINEZ	04:18:42.50	8964
ROBERTO ZAMORA MARTINEZ	04:04:54.90	6718
ROBERTO SANCHEZ MEDRANO	04:44:09.28	13862
ROBERTO SANCHEZ ROSAS	05:00:30.18	15601
ROBERTO SANDOVAL GARCIA	04:31:07.44	11822
ROBERTO SANTIAGO CRUZ	04:12:15.63	8090
ROBERTO SANTOS LOPEZ	04:49:58.77	14610
ROBERTO SERRANO DIAZ	03:58:50.22	5570
ROBERTO SILVA HERNANDEZ	04:35:44.09	12512
ROBERTO SOLIS PEREZ	05:08:21.51	17810
ROBERTO SOSA GARCIA	04:22:37.19	10210
ROBERTO SUAREZ TEJEDA	04:46:29.84	14088
ROBERTO TAPIA MORALES	04:06:13.70	6850
ROBERTO TELLEZ RAMOS	04:40:55.36	13280
ROBERTO TORRES CRUZ	03:56:16.58	5011
ROBERTO TREJO LUNA	04:53:02.91	14855
RODOLFO FLORES OLVERA	03:05:10.80	10887
ROBERTO RODRIGUEZ MARTINEZ	05:11:45.66	21682
ROBERTO RODRIGUEZ PEREZ	03:52:26.30	3412
ROBERTO ZAMUDIO MARTINEZ	04:18:42.50	8964
ROBERTO ZAMORA MARTINEZ	04:04:54.90	6718
ROBERTO SANCHEZ MEDRANO	04:44:09.28	13862
ROBERTO SANCHEZ ROSAS	05:00:30.18	15601
ROBERTO SANDOVAL GARCIA	04:31:07.44	11822
ROBERTO SANTIAGO CRUZ	04:12:15.63	8090
ROBERTO SANTOS LOPEZ	04:49:58.77	14610
ROBERTO SERRANO DIAZ	03:58:50.22	5570
ROBERTO SILVA HERNANDEZ	04:35:44.09	12512
ROBERTO SOLIS PEREZ	05:08:21.51	17810
ROBERTO SOSA GARCIA	04:22:37.19	10210
ROBERTO SUAREZ TEJEDA	04:46:29.84	14088
ROBERTO TAPIA MORALES	04:06:13.70	6850
ROBERTO TELLEZ RAMOS	04:40:55.36	13280
ROBERTO TORRES CRUZ	03:56:16.58	5011
ROBERTO TREJO LUNA	04:53:02.91	14855
RODOLFO FLORES OLVERA	03:05:10.80	10887
ROBERTO RODRIGUEZ MARTINEZ	05:11:45.66	21682
ROBERTO RODRIGUEZ PEREZ	03:52:26.30	3412
ROBERTO ZAMUDIO MARTINEZ	04:18:42.50	8964
ROBERTO ZAMORA MARTINEZ	04:04:54.90	6718
ROBERTO SANCHEZ MEDRANO	04:44:09.28	13862
ROBERTO SANCHEZ ROSAS	05:00:30.18	15601
ROBERTO SANDOVAL GARCIA	04:31:07.44	11822
ROBERTO SANTIAGO CRUZ	04:12:15.63	8090
NOMBRE	TIEMPO CHIP LUGAR
RODOLFO GALINDO CASTRO	04:27:55.42	11300
RODOLFO GALLARDO PEÑA	04:50:17.05	14680
RODOLFO GARCIA SANCHEZ	04:10:02.88	7410
RODOLFO GIL SALGADO	05:05:12.31	17290
RODOLFO GOMEZ HERNANDEZ	04:38:24.76	12931
RODOLFO GOMEZ MENDOZA	04:03:46.19	6500
RODOLFO GONZALEZ LOPEZ	04:45:03.50	13930
RODOLFO GONZALEZ RAMIREZ	04:19:21.93	9430
RODOLFO GUERRERO ORTIZ	03:55:07.64	4830
RODOLFO GUTIERREZ VEGA	04:33:28.27	12150
RODOLFO GUZMAN RIOS	05:09:42.80	17955
RODOLFO HERNANDEZ CRUZ	04:41:36.13	13560
RODOLFO HERNANDEZ DIAZ	04:08:49.45	7180
RODOLFO HERNANDEZ FLORES	04:54:25.99	14990
RODOLFO HERNANDEZ GARCIA	04:23:40.58	10610
RODOLFO HERRERA MORA	04:36:33.21	12660
RODOLFO HUERTA PACHECO	03:59:31.07	5690
RODOLFO IBARRA SOTO	05:01:47.36	16760
RODOLFO JIMENEZ LARA	04:15:58.69	8820
RODOLFO GALINDO CASTRO	04:27:55.42	11300
RODOLFO GALLARDO PEÑA	04:50:17.05	14680
RODOLFO GARCIA SANCHEZ	04:10:02.88	7410
RODOLFO GIL SALGADO	05:05:12.31	17290
RODOLFO GOMEZ HERNANDEZ	04:38:24.76	12931
RODOLFO GOMEZ MENDOZA	04:03:46.19	6500
RODOLFO GONZALEZ LOPEZ	04:45:03.50	13930
RODOLFO GONZALEZ RAMIREZ	04:19:21.93	9430
RODOLFO GUERRERO ORTIZ	03:55:07.64	4830
RODOLFO GUTIERREZ VEGA	04:33:28.27	12150
RODOLFO GUZMAN RIOS	05:09:42.80	17955
RODOLFO HERNANDEZ CRUZ	04:41:36.13	13560
RODOLFO HERNANDEZ DIAZ	04:08:49.45	7180
RODOLFO HERNANDEZ FLORES	04:54:25.99	14990
RODOLFO HERNANDEZ GARCIA	04:23:40.58	10610
RODOLFO HERRERA MORA	04:36:33.21	12660
RODOLFO HUERTA PACHECO	03:59:31.07	5690
RODOLFO IBARRA SOTO	05:01:47.36	16760
RODOLFO JIMENEZ LARA	04:15:58.69	8820
RODOLFO GALINDO CASTRO	04:27:55.42	11300
RODOLFO GALLARDO PEÑA	04:50:17.05	14680
RODOLFO GARCIA SANCHEZ	04:10:02.88	7410
RODOLFO GIL SALGADO	05:05:12.31	17290
RODOLFO GOMEZ HERNANDEZ	04:38:24.76	12931
RODOLFO GOMEZ MENDOZA	04:03:46.19	6500
RODOLFO GONZALEZ LOPEZ	04:45:03.50	13930
RODOLFO GONZALEZ RAMIREZ	04:19:21.93	9430
RODOLFO GUERRERO ORTIZ	03:55:07.64	4830
RODOLFO GUTIERREZ VEGA	04:33:28.27	12150
RODOLFO GUZMAN RIOS	05:09:42.80	17955
RODOLFO HERNANDEZ CRUZ	04:41:36.13	13560
RODOLFO HERNANDEZ DIAZ	04:08:49.45	7180
RODOLFO HERNANDEZ FLORES	04:54:25.99	14990
RODOLFO HERNANDEZ GARCIA	04:23:40.58	10610
RODOLFO HERRERA MORA	04:36:33.21	12660
RODOLFO HUERTA PACHECO	03:59:31.07	5690
RODOLFO IBARRA SOTO	05:01:47.36	16760
RODOLFO JIMENEZ LARA	04:15:58.69	8820
RODOLFO GALINDO CASTRO	04:27:55.42	11300
RODOLFO GALLARDO PEÑA	04:50:17.05	14680
RODOLFO GARCIA SANCHEZ	04:10:02.88	7410
RODOLFO GIL SALGADO	05:05:12.31	17290
RODOLFO GOMEZ HERNANDEZ	04:38:24.76	12931
RODOLFO GOMEZ MENDOZA	04:03:46.19	6500
RODOLFO GONZALEZ LOPEZ	04:45:03.50	13930
RODOLFO GONZALEZ RAMIREZ	04:19:21.93	9430
RODOLFO GUERRERO ORTIZ	03:55:07.64	4830
RODOLFO GUTIERREZ VEGA	04:33:28.27	12150
RODOLFO GUZMAN RIOS	05:09:42.80	17955
RODOLFO HERNANDEZ CRUZ	04:41:36.13	13560
RODOLFO HERNANDEZ DIAZ	04:08:49.45	7180
RODOLFO HERNANDEZ FLORES	04:54:25.99	14990
RODOLFO HERNANDEZ GARCIA	04:23:40.58	10610
RODOLFO HERRERA MORA	04:36:33.21	12660
RODOLFO HUERTA PACHECO	03:59:31.07	5690
RODOLFO IBARRA SOTO	05:01:47.36	16760
RODOLFO JIMENEZ LARA	04:15:58.69	8820
RODOLFO GALINDO CASTRO	04:27:55.42	11300
RODOLFO GALLARDO PEÑA	04:50:17.05	14680
RODOLFO GARCIA SANCHEZ	04:10:02.88	7410
RODOLFO GIL SALGADO	05:05:12.31	17290
RODOLFO GOMEZ HERNANDEZ	04:38:24.76	12931
RODOLFO GOMEZ MENDOZA	04:03:46.19	6500
RODOLFO GONZALEZ LOPEZ	04:45:03.50	13930
RODOLFO GONZALEZ RAMIREZ	04:19:21.93	9430
RODOLFO GUERRERO ORTIZ	03:55:07.64	4830
RODOLFO GUTIERREZ VEGA	04:33:28.27	12150
RODOLFO GUZMAN RIOS	05:09:42.80	17955
RODOLFO HERNANDEZ CRUZ	04:41:36.13	13560
RODOLFO HERNANDEZ DIAZ	04:08:49.45	7180
RODOLFO HERNANDEZ FLORES	04:54:25.99	14990
RODOLFO HERNANDEZ GARCIA	04:23:40.58	10610
RODOLFO HERRERA MORA	04:36:33.21	12660
RODOLFO HUERTA PACHECO	03:59:31.07	5690
RODOLFO IBARRA SOTO	05:01:47.36	16760
RODOLFO JIMENEZ LARA	04:15:58.69	8820
RODOLFO GALINDO CASTRO	04:27:55.42	11300
RODOLFO GALLARDO PEÑA	04:50:17.05	14680
RODOLFO GARCIA SANCHEZ	04:10:02.88	7410
RODOLFO GIL SALGADO	05:05:12.31	17290
RODOLFO GOMEZ HERNANDEZ	04:38:24.76	12931
RODOLFO GOMEZ MENDOZA	04:03:46.19	6500
RODOLFO GONZALEZ LOPEZ	04:45:03.50	13930
RODOLFO GONZALEZ RAMIREZ	04:19:21.93	9430
RODOLFO GUERRERO ORTIZ	03:55:07.64	4830
NOMBRE	TIEMPO CHIP LUGAR
RODOLFO JUAREZ MEDINA	04:30:12.48	11700
RODOLFO LARA ESPINOZA	04:52:44.15	14840
RODOLFO LEON VARGAS	04:13:30.77	8260
RODOLFO LOPEZ CARRILLO	05:07:05.30	17610
RODOLFO LOPEZ FLORES	04:39:47.93	13180
RODOLFO LOPEZ GARCIA	04:05:01.52	6690
RODOLFO LOPEZ HERNANDEZ	04:47:34.26	14190
RODOLFO LOPEZ MARTINEZ	04:21:13.09	9810
RODOLFO LUNA RAMOS	03:57:44.61	5320
RODOLFO MACIAS RUIZ	04:34:59.38	12330
RODOLFO MALDONADO CRUZ	05:10:08.74	18010
RODOLFO MARQUEZ DIAZ	04:42:55.47	13680
RODOLFO MARTINEZ GOMEZ	04:09:26.12	7290
RODOLFO MARTINEZ LOPEZ	04:55:14.85	14910
RODOLFO MARTINEZ PEREZ	04:24:46.30	10760
RODOLFO MEDINA ORTEGA	04:37:08.03	12790
RODOLFO MEJIA SANCHEZ	03:54:21.66	4720
RODOLFO MENDEZ TORRES	05:04:33.19	17200
RODOLFO MENDOZA VEGA	04:17:07.82	9050
RODOLFO JUAREZ MEDINA	04:30:12.48	11700
RODOLFO LARA ESPINOZA	04:52:44.15	14840
RODOLFO LEON VARGAS	04:13:30.77	8260
RODOLFO LOPEZ CARRILLO	05:07:05.30	17610
RODOLFO LOPEZ FLORES	04:39:47.93	13180
RODOLFO LOPEZ GARCIA	04:05:01.52	6690
RODOLFO LOPEZ HERNANDEZ	04:47:34.26	14190
RODOLFO LOPEZ MARTINEZ	04:21:13.09	9810
RODOLFO LUNA RAMOS	03:57:44.61	5320
RODOLFO MACIAS RUIZ	04:34:59.38	12330
RODOLFO MALDONADO CRUZ	05:10:08.74	18010
RODOLFO MARQUEZ DIAZ	04:42:55.47	13680
RODOLFO MARTINEZ GOMEZ	04:09:26.12	7290
RODOLFO MARTINEZ LOPEZ	04:55:14.85	14910
RODOLFO MARTINEZ PEREZ	04:24:46.30	10760
RODOLFO MEDINA ORTEGA	04:37:08.03	12790
RODOLFO MEJIA SANCHEZ	03:54:21.66	4720
RODOLFO MENDEZ TORRES	05:04:33.19	17200
RODOLFO MENDOZA VEGA	04:17:07.82	9050
RODOLFO JUAREZ MEDINA	04:30:12.48	11700
RODOLFO LARA ESPINOZA	04:52:44.15	14840
RODOLFO LEON VARGAS	04:13:30.77	8260
RODOLFO LOPEZ CARRILLO	05:07:05.30	17610
RODOLFO LOPEZ FLORES	04:39:47.93	13180
RODOLFO LOPEZ GARCIA	04:05:01.52	6690
RODOLFO LOPEZ HERNANDEZ	04:47:34.26	14190
RODOLFO LOPEZ MARTINEZ	04:21:13.09	9810
RODOLFO LUNA RAMOS	03:57:44.61	5320
RODOLFO MACIAS RUIZ	04:34:59.38	12330
RODOLFO MALDONADO CRUZ	05:10:08.74	18010
RODOLFO MARQUEZ DIAZ	04:42:55.47	13680
RODOLFO MARTINEZ GOMEZ	04:09:26.12	7290
RODOLFO MARTINEZ LOPEZ	04:55:14.85	14910
RODOLFO MARTINEZ PEREZ	04:24:46.30	10760
RODOLFO MEDINA ORTEGA	04:37:08.03	12790
RODOLFO MEJIA SANCHEZ	03:54:21.66	4720
RODOLFO MENDEZ TORRES	05:04:33.19	17200
RODOLFO MENDOZA VEGA	04:17:07.82	9050
RODOLFO JUAREZ MEDINA	04:30:12.48	11700
RODOLFO LARA ESPINOZA	04:52:44.15	14840
RODOLFO LEON VARGAS	04:13:30.77	8260
RODOLFO LOPEZ CARRILLO	05:07:05.30	17610
RODOLFO LOPEZ FLORES	04:39:47.93	13180
RODOLFO LOPEZ GARCIA	04:05:01.52	6690
RODOLFO LOPEZ HERNANDEZ	04:47:34.26	14190
RODOLFO LOPEZ MARTINEZ	04:21:13.09	9810
RODOLFO LUNA RAMOS	03:57:44.61	5320
RODOLFO MACIAS RUIZ	04:34:59.38	12330
RODOLFO MALDONADO CRUZ	05:10:08.74	18010
RODOLFO MARQUEZ DIAZ	04:42:55.47	13680
RODOLFO MARTINEZ GOMEZ	04:09:26.12	7290
RODOLFO MARTINEZ LOPEZ	04:55:14.85	14910
RODOLFO MARTINEZ PEREZ	04:24:46.30	10760
RODOLFO MEDINA ORTEGA	04:37:08.03	12790
RODOLFO MEJIA SANCHEZ	03:54:21.66	4720
RODOLFO MENDEZ TORRES	05:04:33.19	17200
RODOLFO MENDOZA VEGA	04:17:07.82	9050
RODOLFO JUAREZ MEDINA	04:30:12.48	11700
RODOLFO LARA ESPINOZA	04:52:44.15	14840
RODOLFO LEON VARGAS	04:13:30.77	8260
RODOLFO LOPEZ CARRILLO	05:07:05.30	17610
RODOLFO LOPEZ FLORES	04:39:47.93	13180
RODOLFO LOPEZ GARCIA	04:05:01.52	6690
RODOLFO LOPEZ HERNANDEZ	04:47:34.26	14190
RODOLFO LOPEZ MARTINEZ	04:21:13.09	9810
RODOLFO LUNA RAMOS	03:57:44.61	5320
RODOLFO MACIAS RUIZ	04:34:59.38	12330
RODOLFO MALDONADO CRUZ	05:10:08.74	18010
RODOLFO MARQUEZ DIAZ	04:42:55.47	13680
RODOLFO MARTINEZ GOMEZ	04:09:26.12	7290
RODOLFO MARTINEZ LOPEZ	04:55:14.85	14910
RODOLFO MARTINEZ PEREZ	04:24:46.30	10760
RODOLFO MEDINA ORTEGA	04:37:08.03	12790
RODOLFO MEJIA SANCHEZ	03:54:21.66	4720
RODOLFO MENDEZ TORRES	05:04:33.19	17200
RODOLFO MENDOZA VEGA	04:17:07.82	9050
RODOLFO JUAREZ MEDINA	04:30:12.48	11700
RODOLFO LARA ESPINOZA	04:52:44.15	14840
RODOLFO LEON VARGAS	04:13:30.77	8260
RODOLFO LOPEZ CARRILLO	05:07:05.30	17610
RODOLFO LOPEZ FLORES	04:39:47.93	13180
RODOLFO LOPEZ GARCIA	04:05:01.52	6690
RODOLFO LOPEZ HERNANDEZ	04:47:34.26	14190
RODOLFO LOPEZ MARTINEZ	04:21:13.09	9810
RODOLFO LUNA RAMOS	03:57:44.61	5320
NOMBRE	TIEMPO CHIP LUGAR
RODOLFO PEREZ DELGADO	04:04:34.32	6614
RODOLFO ESTRADA GARCIA	04:05:02.75	14437
RODOLFO LOPEZ SANCHEZ	03:52:05.15	9903
RODOLFO MUÑOZ FRANCO	04:45:00.23	25384
RODOLFO NAVA CORTES	04:29:30.61	11540
RODOLFO NIETO RAMIREZ	04:51:36.47	14760
RODOLFO NUÑEZ GARCIA	04:11:08.95	7850
RODOLFO OCHOA LOPEZ	05:06:40.12	17480
RODOLFO OLVERA CRUZ	04:38:03.54	12900
RODOLFO ORTEGA DIAZ	04:04:17.39	6560
RODOLFO ORTIZ FLORES	04:48:20.86	14300
RODOLFO PACHECO GOMEZ	04:20:55.21	9780
RODOLFO PADILLA HERRERA	03:58:12.70	5420
RODOLFO PALMA JIMENEZ	04:33:49.15	12200
RODOLFO PEÑA LUNA	05:09:05.43	17880
RODOLFO PEREZ MORALES	04:43:27.98	13760
RODOLFO PINEDA RAMOS	04:08:33.60	7120
RODOLFO QUIROZ REYES	04:56:08.27	14940
RODOLFO RAMIREZ SOTO	04:25:31.09	10880
RODOLFO PEREZ DELGADO	04:04:34.32	6614
RODOLFO ESTRADA GARCIA	04:05:02.75	14437
RODOLFO LOPEZ SANCHEZ	03:52:05.15	9903
RODOLFO MUÑOZ FRANCO	04:45:00.23	25384
RODOLFO NAVA CORTES	04:29:30.61	11540
RODOLFO NIETO RAMIREZ	04:51:36.47	14760
RODOLFO NUÑEZ GARCIA	04:11:08.95	7850
RODOLFO OCHOA LOPEZ	05:06:40.12	17480
RODOLFO OLVERA CRUZ	04:38:03.54	12900
RODOLFO ORTEGA DIAZ	04:04:17.39	6560
RODOLFO ORTIZ FLORES	04:48:20.86	14300
RODOLFO PACHECO GOMEZ	04:20:55.21	9780
RODOLFO PADILLA HERRERA	03:58:12.70	5420
RODOLFO PALMA JIMENEZ	04:33:49.15	12200
RODOLFO PEÑA LUNA	05:09:05.43	17880
RODOLFO PEREZ MORALES	04:43:27.98	13760
RODOLFO PINEDA RAMOS	04:08:33.60	7120
RODOLFO QUIROZ REYES	04:56:08.27	14940
RODOLFO RAMIREZ SOTO	04:25:31.09	10880
RODOLFO PEREZ DELGADO	04:04:34.32	6614
RODOLFO ESTRADA GARCIA	04:05:02.75	14437
RODOLFO LOPEZ SANCHEZ	03:52:05.15	9903
RODOLFO MUÑOZ FRANCO	04:45:00.23	25384
RODOLFO NAVA CORTES	04:29:30.61	11540
RODOLFO NIETO RAMIREZ	04:51:36.47	14760
RODOLFO NUÑEZ GARCIA	04:11:08.95	7850
RODOLFO OCHOA LOPEZ	05:06:40.12	17480
RODOLFO OLVERA CRUZ	04:38:03.54	12900
RODOLFO ORTEGA DIAZ	04:04:17.39	6560
RODOLFO ORTIZ FLORES	04:48:20.86	14300
RODOLFO PACHECO GOMEZ	04:20:55.21	9780
RODOLFO PADILLA HERRERA	03:58:12.70	5420
RODOLFO PALMA JIMENEZ	04:33:49.15	12200
RODOLFO PEÑA LUNA	05:09:05.43	17880
RODOLFO PEREZ MORALES	04:43:27.98	13760
RODOLFO PINEDA RAMOS	04:08:33.60	7120
RODOLFO QUIROZ REYES	04:56:08.27	14940
RODOLFO RAMIREZ SOTO	04:25:31.09	10880
RODOLFO PEREZ DELGADO	04:04:34.32	6614
RODOLFO ESTRADA GARCIA	04:05:02.75	14437
RODOLFO LOPEZ SANCHEZ	03:52:05.15	9903
RODOLFO MUÑOZ FRANCO	04:45:00.23	25384
RODOLFO NAVA CORTES	04:29:30.61	11540
RODOLFO NIETO RAMIREZ	04:51:36.47	14760
RODOLFO NUÑEZ GARCIA	04:11:08.95	7850
RODOLFO OCHOA LOPEZ	05:06:40.12	17480
RODOLFO OLVERA CRUZ	04:38:03.54	12900
RODOLFO ORTEGA DIAZ	04:04:17.39	6560
RODOLFO ORTIZ FLORES	04:48:20.86	14300
RODOLFO PACHECO GOMEZ	04:20:55.21	9780
RODOLFO PADILLA HERRERA	03:58:12.70	5420
RODOLFO PALMA JIMENEZ	04:33:49.15	12200
RODOLFO PEÑA LUNA	05:09:05.43	17880
RODOLFO PEREZ MORALES	04:43:27.98	13760
RODOLFO PINEDA RAMOS	04:08:33.60	7120
RODOLFO QUIROZ REYES	04:56:08.27	14940
RODOLFO RAMIREZ SOTO	04:25:31.09	10880
RODOLFO PEREZ DELGADO	04:04:34.32	6614
RODOLFO ESTRADA GARCIA	04:05:02.75	14437
RODOLFO LOPEZ SANCHEZ	03:52:05.15	9903
RODOLFO MUÑOZ FRANCO	04:45:00.23	25384
RODOLFO NAVA CORTES	04:29:30.61	11540
RODOLFO NIETO RAMIREZ	04:51:36.47	14760
RODOLFO NUÑEZ GARCIA	04:11:08.95	7850
RODOLFO OCHOA LOPEZ	05:06:40.12	17480
RODOLFO OLVERA CRUZ	04:38:03.54	12900
RODOLFO ORTEGA DIAZ	04:04:17.39	6560
RODOLFO ORTIZ FLORES	04:48:20.86	14300
RODOLFO PACHECO GOMEZ	04:20:55.21	9780
RODOLFO PADILLA HERRERA	03:58:12.70	5420
RODOLFO PALMA JIMENEZ	04:33:49.15	12200
RODOLFO PEÑA LUNA	05:09:05.43	17880
RODOLFO PEREZ MORALES	04:43:27.98	13760
RODOLFO PINEDA RAMOS	04:08:33.60	7120
RODOLFO QUIROZ REYES	04:56:08.27	14940
RODOLFO RAMIREZ SOTO	04:25:31.09	10880
RODOLFO PEREZ DELGADO	04:04:34.32	6614
RODOLFO ESTRADA GARCIA	04:05:02.75	14437
RODOLFO LOPEZ SANCHEZ	03:52:05.15	9903
RODOLFO MUÑOZ FRANCO	04:45:00.23	25384
RODOLFO NAVA CORTES	04:29:30.61	11540
RODOLFO NIETO RAMIREZ	04:51:36.47	14760
RODOLFO NUÑEZ GARCIA	04:11:08.95	7850
RODOLFO OCHOA LOPEZ	05:06:40.12	17480
RODOLFO OLVERA CRUZ	04:38:03.54	12900
NOMBRE	TIEMPO CHIP LUGAR
RODOLFO ENRIQUEZ MUÑOZ	04:00:17.94	4726
RODOLFO ESTRADA GARCIA	03:53:10.14	14437
RODOLFO HERNANDEZ RUIZ	05:03:27.97	23385
RODOLFO RAMOS TAPIA	04:36:19.52	12620
RODOLFO RANGEL VARGAS	04:12:42.08	8160
RODOLFO REYES ALVAREZ	04:49:15.73	14540
RODOLFO RIOS BAUTISTA	04:22:04.36	10100
RODOLFO RIVERA CAMPOS	05:02:39.84	16900
RODOLFO RODRIGUEZ CRUZ	04:40:11.27	13240
RODOLFO RODRIGUEZ DIAZ	04:06:44.55	6910
RODOLFO ROJAS ESPINOSA	04:46:52.18	14120
RODOLFO ROMERO FLORES	04:18:09.91	9240
RODOLFO ROSAS GARCIA	03:56:33.47	5090
RODOLFO RUIZ HERNANDEZ	04:32:25.06	12010
RODOLFO SALAZAR LOPEZ	05:08:48.62	17840
RODOLFO SANCHEZ MARTINEZ	04:44:36.39	13900
RODOLFO SANTIAGO PEREZ	04:10:19.80	7460
RODOLFO SERRANO RAMIREZ	04:53:57.24	14880
RODOLFO SILVA REYES	04:26:50.05	11120
RODOLFO ENRIQUEZ MUÑOZ	04:00:17.94	4726
RODOLFO ESTRADA GARCIA	03:53:10.14	14437
RODOLFO HERNANDEZ RUIZ	05:03:27.97	23385
RODOLFO RAMOS TAPIA	04:36:19.52	12620
RODOLFO RANGEL VARGAS	04:12:42.08	8160
RODOLFO REYES ALVAREZ	04:49:15.73	14540
RODOLFO RIOS BAUTISTA	04:22:04.36	10100
RODOLFO RIVERA CAMPOS	05:02:39.84	16900
RODOLFO RODRIGUEZ CRUZ	04:40:11.27	13240
RODOLFO RODRIGUEZ DIAZ	04:06:44.55	6910
RODOLFO ROJAS ESPINOSA	04:46:52.18	14120
RODOLFO ROMERO FLORES	04:18:09.91	9240
RODOLFO ROSAS GARCIA	03:56:33.47	5090
RODOLFO RUIZ HERNANDEZ	04:32:25.06	12010
RODOLFO SALAZAR LOPEZ	05:08:48.62	17840
RODOLFO SANCHEZ MARTINEZ	04:44:36.39	13900
RODOLFO SANTIAGO PEREZ	04:10:19.80	7460
RODOLFO SERRANO RAMIREZ	04:53:57.24	14880
RODOLFO SILVA REYES	04:26:50.05	11120
RODOLFO ENRIQUEZ MUÑOZ	04:00:17.94	4726
RODOLFO ESTRADA GARCIA	03:53:10.14	14437
RODOLFO HERNANDEZ RUIZ	05:03:27.97	23385
RODOLFO RAMOS TAPIA	04:36:19.52	12620
RODOLFO RANGEL VARGAS	04:12:42.08	8160
RODOLFO REYES ALVAREZ	04:49:15.73	14540
RODOLFO RIOS BAUTISTA	04:22:04.36	10100
RODOLFO RIVERA CAMPOS	05:02:39.84	16900
RODOLFO RODRIGUEZ CRUZ	04:40:11.27	13240
RODOLFO RODRIGUEZ DIAZ	04:06:44.55	6910
RODOLFO ROJAS ESPINOSA	04:46:52.18	14120
RODOLFO ROMERO FLORES	04:18:09.91	9240
RODOLFO ROSAS GARCIA	03:56:33.47	5090
RODOLFO RUIZ HERNANDEZ	04:32:25.06	12010
RODOLFO SALAZAR LOPEZ	05:08:48.62	17840
RODOLFO SANCHEZ MARTINEZ	04:44:36.39	13900
RODOLFO SANTIAGO PEREZ	04:10:19.80	7460
RODOLFO SERRANO RAMIREZ	04:53:57.24	14880
RODOLFO SILVA REYES	04:26:50.05	11120
RODOLFO ENRIQUEZ MUÑOZ	04:00:17.94	4726
RODOLFO ESTRADA GARCIA	03:53:10.14	14437
RODOLFO HERNANDEZ RUIZ	05:03:27.97	23385
RODOLFO RAMOS TAPIA	04:36:19.52	12620
RODOLFO RANGEL VARGAS	04:12:42.08	8160
RODOLFO REYES ALVAREZ	04:49:15.73	14540
RODOLFO RIOS BAUTISTA	04:22:04.36	10100
RODOLFO RIVERA CAMPOS	05:02:39.84	16900
RODOLFO RODRIGUEZ CRUZ	04:40:11.27	13240
RODOLFO RODRIGUEZ DIAZ	04:06:44.55	6910
RODOLFO ROJAS ESPINOSA	04:46:52.18	14120
RODOLFO ROMERO FLORES	04:18:09.91	9240
RODOLFO ROSAS GARCIA	03:56:33.47	5090
RODOLFO RUIZ HERNANDEZ	04:32:25.06	12010
RODOLFO SALAZAR LOPEZ	05:08:48.62	17840
RODOLFO SANCHEZ MARTINEZ	04:44:36.39	13900
RODOLFO SANTIAGO PEREZ	04:10:19.80	7460
RODOLFO SERRANO RAMIREZ	04:53:57.24	14880
RODOLFO SILVA REYES	04:26:50.05	11120
RODOLFO ENRIQUEZ MUÑOZ	04:00:17.94	4726
RODOLFO ESTRADA GARCIA	03:53:10.14	14437
RODOLFO HERNANDEZ RUIZ	05:03:27.97	23385
RODOLFO RAMOS TAPIA	04:36:19.52	12620
RODOLFO RANGEL VARGAS	04:12:42.08	8160
RODOLFO REYES ALVAREZ	04:49:15.73	14540
RODOLFO RIOS BAUTISTA	04:22:04.36	10100
RODOLFO RIVERA CAMPOS	05:02:39.84	16900
RODOLFO RODRIGUEZ CRUZ	04:40:11.27	13240
RODOLFO RODRIGUEZ DIAZ	04:06:44.55	6910
RODOLFO ROJAS ESPINOSA	04:46:52.18	14120
RODOLFO ROMERO FLORES	04:18:09.91	9240
RODOLFO ROSAS GARCIA	03:56:33.47	5090
RODOLFO RUIZ HERNANDEZ	04:32:25.06	12010
RODOLFO SALAZAR LOPEZ	05:08:48.62	17840
RODOLFO SANCHEZ MARTINEZ	04:44:36.39	13900
RODOLFO SANTIAGO PEREZ	04:10:19.80	7460
RODOLFO SERRANO RAMIREZ	04:53:57.24	14880
RODOLFO SILVA REYES	04:26:50.05	11120
RODOLFO ENRIQUEZ MUÑOZ	04:00:17.94	4726
RODOLFO ESTRADA GARCIA	03:53:10.14	14437
RODOLFO HERNANDEZ RUIZ	05:03:27.97	23385
RODOLFO RAMOS TAPIA	04:36:19.52	12620
RODOLFO RANGEL VARGAS	04:12:42.08	8160
RODOLFO REYES ALVAREZ	04:49:15.73	14540
RODOLFO RIOS BAUTISTA	04:22:04.36	10100
RODOLFO RIVERA CAMPOS	05:02:39.84	16900
RODOLFO RODRIGUEZ CRUZ	04:40:11.27	13240
NOMBRE	TIEMPO CHIP LUGAR
RENATO ARIEL MARCELINO	04:03:25.70	1340
ROQUE DANIEL NIEVES RAMOS	03:58:10.08	5500
ROQUE ROGELIO GARCIA REYES	03:53:27.47	4490
ROSA ALEJANDRA RAMIREZ	04:48:47.26	7130
ROSA ANGELICA GARCIA LOPEZ	05:01:54.10	9920
ROSA BELIA FRAGOSO	04:54:03.35	8812
ROSA ELENA CORTES DIAZ	05:12:41.78	11205
ROSA ELENA HERNANDEZ	04:39:36.49	6420
ROSA ELENA MORALES	05:06:26.92	10330
ROSA ELIA MARTINEZ	04:57:13.64	9180
ROSA ESTHER LOPEZ	05:10:02.15	10960
ROSA GABRIELA PEREZ	04:43:58.33	6970
ROSA GUADALUPE CRUZ	05:04:21.81	10090
ROSA ISELA FLORES	04:51:17.58	8350
ROSA ISELA GOMEZ	05:08:39.02	10710
ROSA LAURA SANCHEZ	04:46:40.77	7400
ROSA MARIA AGUILAR	05:02:47.29	9870
ROSA MARIA CASTRO	04:59:31.46	9440
ROSA MARIA DIAZ	05:13:55.60	11480
RENATO ARIEL MARCELINO	04:03:25.70	1340
ROQUE DANIEL NIEVES RAMOS	03:58:10.08	5500
ROQUE ROGELIO GARCIA REYES	03:53:27.47	4490
ROSA ALEJANDRA RAMIREZ	04:48:47.26	7130
ROSA ANGELICA GARCIA LOPEZ	05:01:54.10	9920
ROSA BELIA FRAGOSO	04:54:03.35	8812
ROSA ELENA CORTES DIAZ	05:12:41.78	11205
ROSA ELENA HERNANDEZ	04:39:36.49	6420
ROSA ELENA MORALES	05:06:26.92	10330
ROSA ELIA MARTINEZ	04:57:13.64	9180
ROSA ESTHER LOPEZ	05:10:02.15	10960
ROSA GABRIELA PEREZ	04:43:58.33	6970
ROSA GUADALUPE CRUZ	05:04:21.81	10090
ROSA ISELA FLORES	04:51:17.58	8350
ROSA ISELA GOMEZ	05:08:39.02	10710
ROSA LAURA SANCHEZ	04:46:40.77	7400
ROSA MARIA AGUILAR	05:02:47.29	9870
ROSA MARIA CASTRO	04:59:31.46	9440
ROSA MARIA DIAZ	05:13:55.60	11480
RENATO ARIEL MARCELINO	04:03:25.70	1340
ROQUE DANIEL NIEVES RAMOS	03:58:10.08	5500
ROQUE ROGELIO GARCIA REYES	03:53:27.47	4490
ROSA ALEJANDRA RAMIREZ	04:48:47.26	7130
ROSA ANGELICA GARCIA LOPEZ	05:01:54.10	9920
ROSA BELIA FRAGOSO	04:54:03.35	8812
ROSA ELENA CORTES DIAZ	05:12:41.78	11205
ROSA ELENA HERNANDEZ	04:39:36.49	6420
ROSA ELENA MORALES	05:06:26.92	10330
ROSA ELIA MARTINEZ	04:57:13.64	9180
ROSA ESTHER LOPEZ	05:10:02.15	10960
ROSA GABRIELA PEREZ	04:43:58.33	6970
ROSA GUADALUPE CRUZ	05:04:21.81	10090
ROSA ISELA FLORES	04:51:17.58	8350
ROSA ISELA GOMEZ	05:08:39.02	10710
ROSA LAURA SANCHEZ	04:46:40.77	7400
ROSA MARIA AGUILAR	05:02:47.29	9870
ROSA MARIA CASTRO	04:59:31.46	9440
ROSA MARIA DIAZ	05:13:55.60	11480
RENATO ARIEL MARCELINO	04:03:25.70	1340
ROQUE DANIEL NIEVES RAMOS	03:58:10.08	5500
ROQUE ROGELIO GARCIA REYES	03:53:27.47	4490
ROSA ALEJANDRA RAMIREZ	04:48:47.26	7130
ROSA ANGELICA GARCIA LOPEZ	05:01:54.10	9920
ROSA BELIA FRAGOSO	04:54:03.35	8812
ROSA ELENA CORTES DIAZ	05:12:41.78	11205
ROSA ELENA HERNANDEZ	04:39:36.49	6420
ROSA ELENA MORALES	05:06:26.92	10330
ROSA ELIA MARTINEZ	04:57:13.64	9180
ROSA ESTHER LOPEZ	05:10:02.15	10960
ROSA GABRIELA PEREZ	04:43:58.33	6970
ROSA GUADALUPE CRUZ	05:04:21.81	10090
ROSA ISELA FLORES	04:51:17.58	8350
ROSA ISELA GOMEZ	05:08:39.02	10710
ROSA LAURA SANCHEZ	04:46:40.77	7400
ROSA MARIA AGUILAR	05:02:47.29	9870
ROSA MARIA CASTRO	04:59:31.46	9440
ROSA MARIA DIAZ	05:13:55.60	11480
RENATO ARIEL MARCELINO	04:03:25.70	1340
ROQUE DANIEL NIEVES RAMOS	03:58:10.08	5500
ROQUE ROGELIO GARCIA REYES	03:53:27.47	4490
ROSA ALEJANDRA RAMIREZ	04:48:47.26	7130
ROSA ANGELICA GARCIA LOPEZ	05:01:54.10	9920
ROSA BELIA FRAGOSO	04:54:03.35	8812
ROSA ELENA CORTES DIAZ	05:12:41.78	11205
ROSA ELENA HERNANDEZ	04:39:36.49	6420
ROSA ELENA MORALES	05:06:26.92	10330
ROSA ELIA MARTINEZ	04:57:13.64	9180
ROSA ESTHER LOPEZ	05:10:02.15	10960
ROSA GABRIELA PEREZ	04:43:58.33	6970
ROSA GUADALUPE CRUZ	05:04:21.81	10090
ROSA ISELA FLORES	04:51:17.58	8350
ROSA ISELA GOMEZ	05:08:39.02	10710
ROSA LAURA SANCHEZ	04:46:40.77	7400
ROSA MARIA AGUILAR	05:02:47.29	9870
ROSA MARIA CASTRO	04:59:31.46	9440
ROSA MARIA DIAZ	05:13:55.60	11480
RENATO ARIEL MARCELINO	04:03:25.70	1340
ROQUE DANIEL NIEVES RAMOS	03:58:10.08	5500
ROQUE ROGELIO GARCIA REYES	03:53:27.47	4490
ROSA ALEJANDRA RAMIREZ	04:48:47.26	7130
ROSA ANGELICA GARCIA LOPEZ	05:01:54.10	9920
ROSA BELIA FRAGOSO	04:54:03.35	8812
ROSA ELENA CORTES DIAZ	05:12:41.78	11205
ROSA ELENA HERNANDEZ	04:39:36.49	6420
ROSA ELENA MORALES	05:06:26.92	10330
